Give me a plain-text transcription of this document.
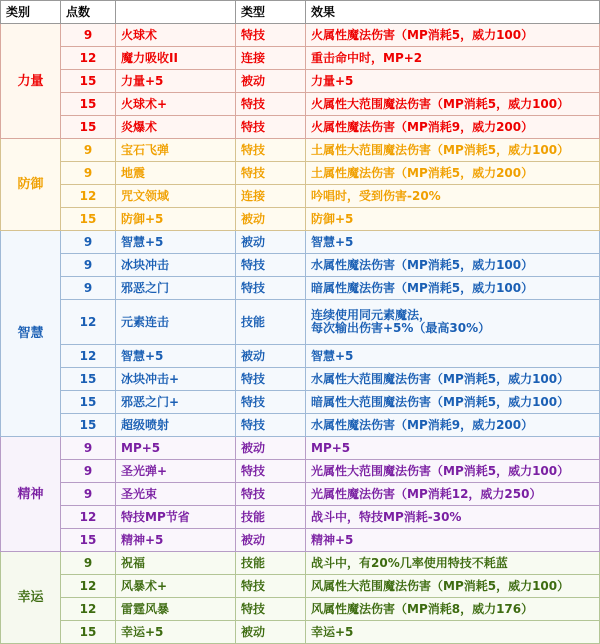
类别	点数		类型	效果
力量	9	火球术	特技	火属性魔法伤害（MP消耗5，威力100）

	12	魔力吸收II	连接	重击命中时，MP+2

	15	力量+5	被动	力量+5

	15	火球术+	特技	火属性大范围魔法伤害（MP消耗5，威力100）

	15	炎爆术	特技	火属性魔法伤害（MP消耗9，威力200）

防御	9	宝石飞弹	特技	土属性大范围魔法伤害（MP消耗5，威力100）

	9	地震	特技	土属性魔法伤害（MP消耗5，威力200）

	12	咒文领域	连接	吟唱时，受到伤害-20%

	15	防御+5	被动	防御+5

智慧	9	智慧+5	被动	智慧+5

	9	冰块冲击	特技	水属性魔法伤害（MP消耗5，威力100）

	9	邪恶之门	特技	暗属性魔法伤害（MP消耗5，威力100）

	12	元素连击	技能	连续使用同元素魔法，
每次输出伤害+5%（最高30%）

	12	智慧+5	被动	智慧+5

	15	冰块冲击+	特技	水属性大范围魔法伤害（MP消耗5，威力100）

	15	邪恶之门+	特技	暗属性大范围魔法伤害（MP消耗5，威力100）

	15	超级喷射	特技	水属性魔法伤害（MP消耗9，威力200）

精神	9	MP+5	被动	MP+5

	9	圣光弹+	特技	光属性大范围魔法伤害（MP消耗5，威力100）

	9	圣光束	特技	光属性魔法伤害（MP消耗12，威力250）

	12	特技MP节省	技能	战斗中，特技MP消耗-30%

	15	精神+5	被动	精神+5

幸运	9	祝福	技能	战斗中，有20%几率使用特技不耗蓝

	12	风暴术+	特技	风属性大范围魔法伤害（MP消耗5，威力100）

	12	雷霆风暴	特技	风属性魔法伤害（MP消耗8，威力176）

	15	幸运+5	被动	幸运+5
